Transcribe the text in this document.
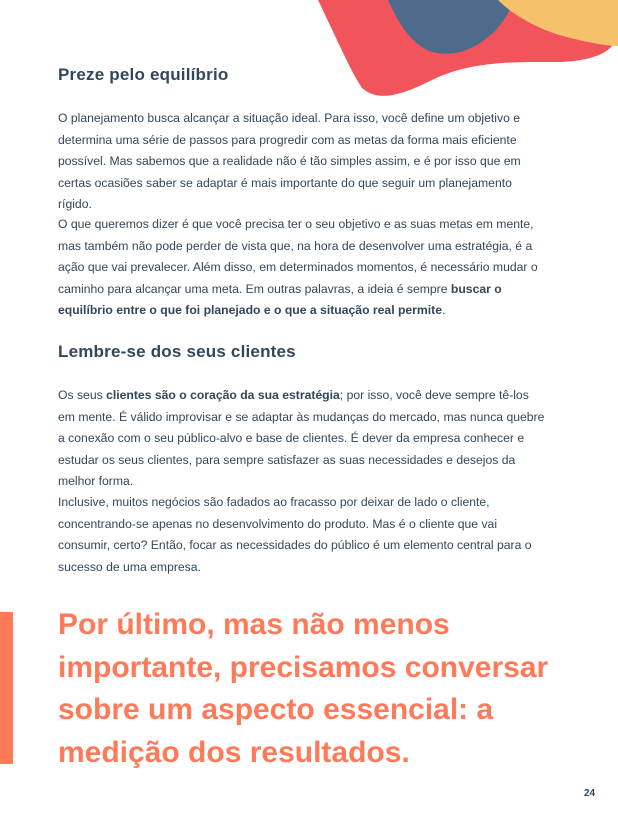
Preze pelo equilíbrio

O planejamento busca alcançar a situação ideal. Para isso, você define um objetivo e determina uma série de passos para progredir com as metas da forma mais eficiente possível. Mas sabemos que a realidade não é tão simples assim, e é por isso que em certas ocasiões saber se adaptar é mais importante do que seguir um planejamento rígido.

O que queremos dizer é que você precisa ter o seu objetivo e as suas metas em mente, mas também não pode perder de vista que, na hora de desenvolver uma estratégia, é a ação que vai prevalecer. Além disso, em determinados momentos, é necessário mudar o caminho para alcançar uma meta. Em outras palavras, a ideia é sempre buscar o equilíbrio entre o que foi planejado e o que a situação real permite.

Lembre-se dos seus clientes

Os seus clientes são o coração da sua estratégia; por isso, você deve sempre tê-los em mente. É válido improvisar e se adaptar às mudanças do mercado, mas nunca quebre a conexão com o seu público-alvo e base de clientes. É dever da empresa conhecer e estudar os seus clientes, para sempre satisfazer as suas necessidades e desejos da melhor forma.

Inclusive, muitos negócios são fadados ao fracasso por deixar de lado o cliente, concentrando-se apenas no desenvolvimento do produto. Mas é o cliente que vai consumir, certo? Então, focar as necessidades do público é um elemento central para o sucesso de uma empresa.

Por último, mas não menos importante, precisamos conversar sobre um aspecto essencial: a medição dos resultados.

24
